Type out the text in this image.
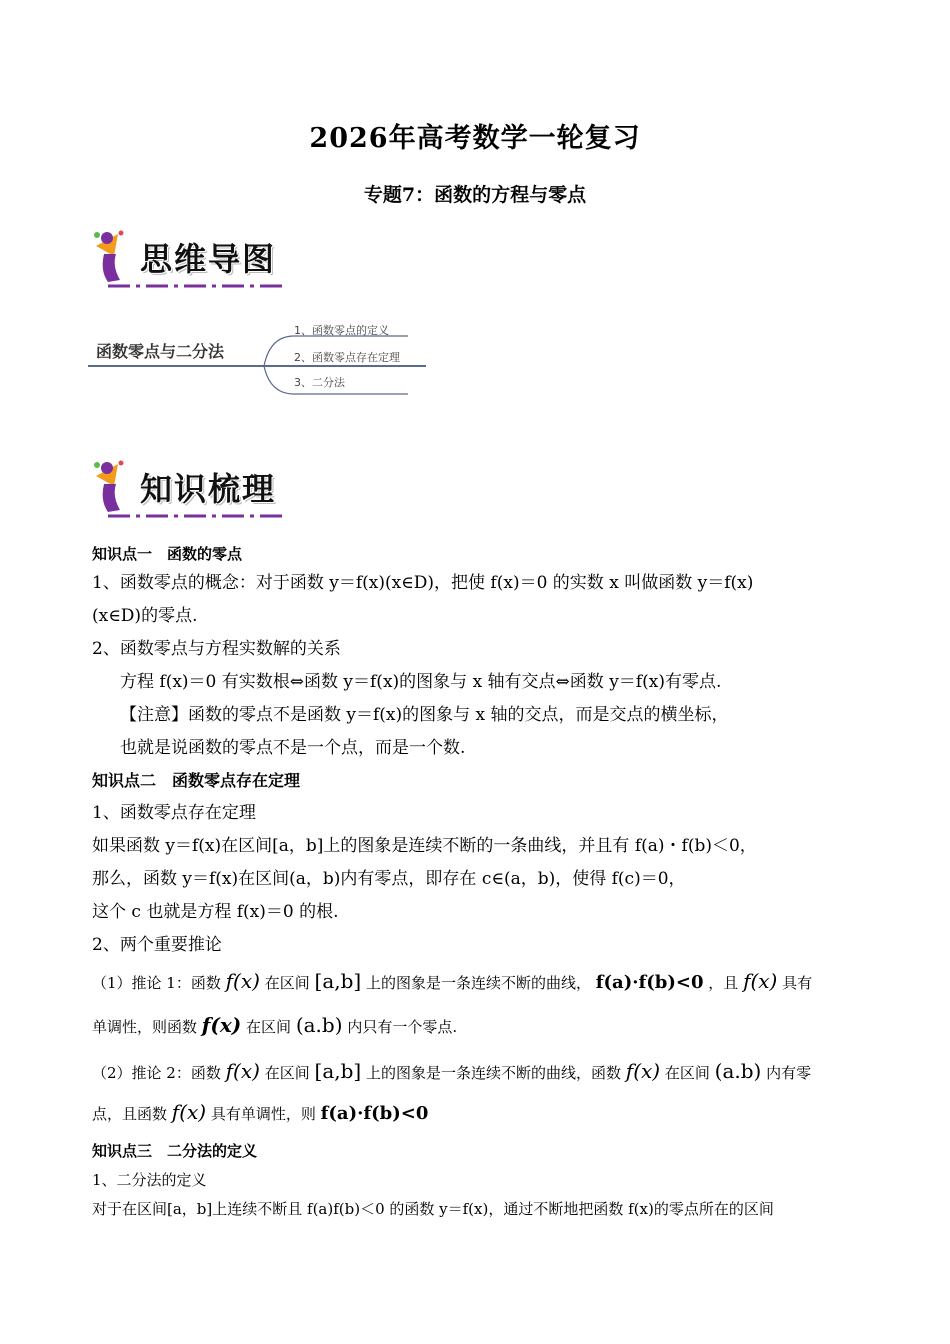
2026年高考数学一轮复习
专题7：函数的方程与零点
思维导图
函数零点与二分法
1、函数零点的定义
2、函数零点存在定理
3、二分法
知识梳理
知识点一　函数的零点
1、函数零点的概念：对于函数 y＝f(x)(x∈D)，把使 f(x)＝0 的实数 x 叫做函数 y＝f(x)
(x∈D)的零点.
2、函数零点与方程实数解的关系
方程 f(x)＝0 有实数根⇔函数 y＝f(x)的图象与 x 轴有交点⇔函数 y＝f(x)有零点.
【注意】函数的零点不是函数 y＝f(x)的图象与 x 轴的交点，而是交点的横坐标，
也就是说函数的零点不是一个点，而是一个数.
知识点二　函数零点存在定理
1、函数零点存在定理
如果函数 y＝f(x)在区间[a，b]上的图象是连续不断的一条曲线，并且有 f(a)・f(b)＜0，
那么，函数 y＝f(x)在区间(a，b)内有零点，即存在 c∈(a，b)，使得 f(c)＝0，
这个 c 也就是方程 f(x)＝0 的根.
2、两个重要推论
（1）推论 1：函数 f(x) 在区间 [a,b] 上的图象是一条连续不断的曲线， f(a)·f(b)<0 ，且 f(x) 具有
单调性，则函数 f(x) 在区间 (a.b) 内只有一个零点.
（2）推论 2：函数 f(x) 在区间 [a,b] 上的图象是一条连续不断的曲线，函数 f(x) 在区间 (a.b) 内有零
点，且函数 f(x) 具有单调性，则 f(a)·f(b)<0
知识点三　二分法的定义
1、二分法的定义
对于在区间[a，b]上连续不断且 f(a)f(b)＜0 的函数 y＝f(x)，通过不断地把函数 f(x)的零点所在的区间
